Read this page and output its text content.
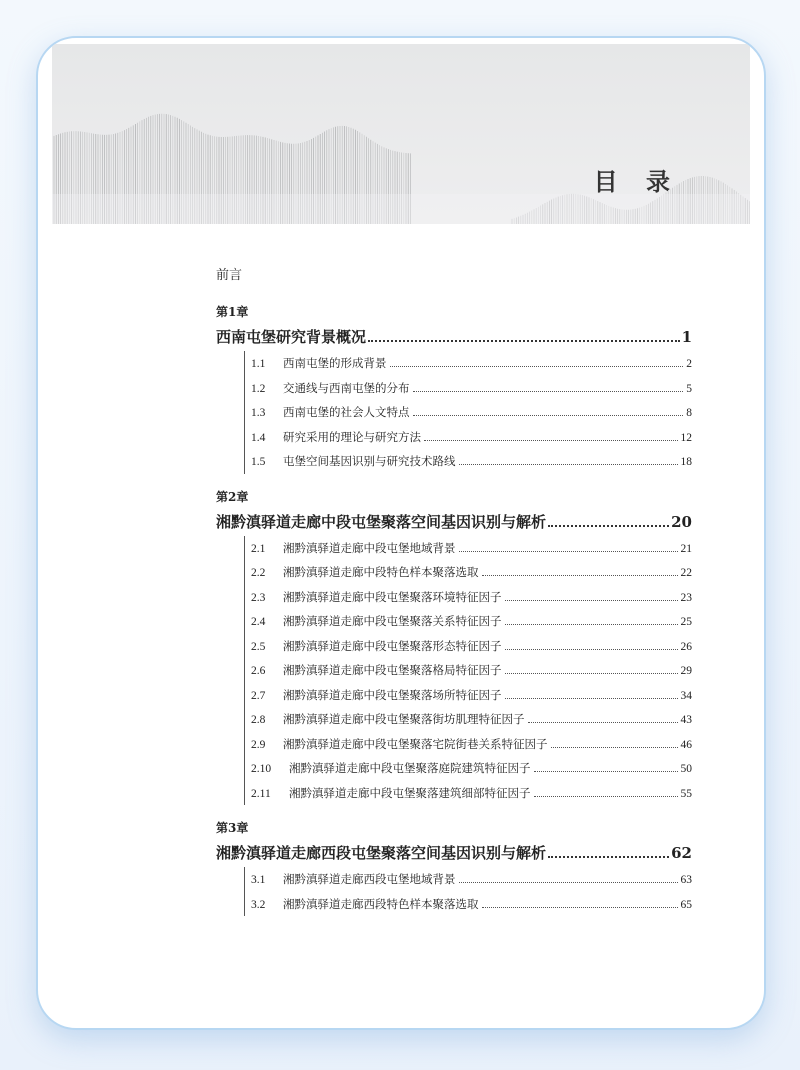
目 录
前言
第1章
西南屯堡研究背景概况	1
1.1	西南屯堡的形成背景	2
1.2	交通线与西南屯堡的分布	5
1.3	西南屯堡的社会人文特点	8
1.4	研究采用的理论与研究方法	12
1.5	屯堡空间基因识别与研究技术路线	18
第2章
湘黔滇驿道走廊中段屯堡聚落空间基因识别与解析	20
2.1	湘黔滇驿道走廊中段屯堡地域背景	21
2.2	湘黔滇驿道走廊中段特色样本聚落选取	22
2.3	湘黔滇驿道走廊中段屯堡聚落环境特征因子	23
2.4	湘黔滇驿道走廊中段屯堡聚落关系特征因子	25
2.5	湘黔滇驿道走廊中段屯堡聚落形态特征因子	26
2.6	湘黔滇驿道走廊中段屯堡聚落格局特征因子	29
2.7	湘黔滇驿道走廊中段屯堡聚落场所特征因子	34
2.8	湘黔滇驿道走廊中段屯堡聚落街坊肌理特征因子	43
2.9	湘黔滇驿道走廊中段屯堡聚落宅院街巷关系特征因子	46
2.10	湘黔滇驿道走廊中段屯堡聚落庭院建筑特征因子	50
2.11	湘黔滇驿道走廊中段屯堡聚落建筑细部特征因子	55
第3章
湘黔滇驿道走廊西段屯堡聚落空间基因识别与解析	62
3.1	湘黔滇驿道走廊西段屯堡地域背景	63
3.2	湘黔滇驿道走廊西段特色样本聚落选取	65
